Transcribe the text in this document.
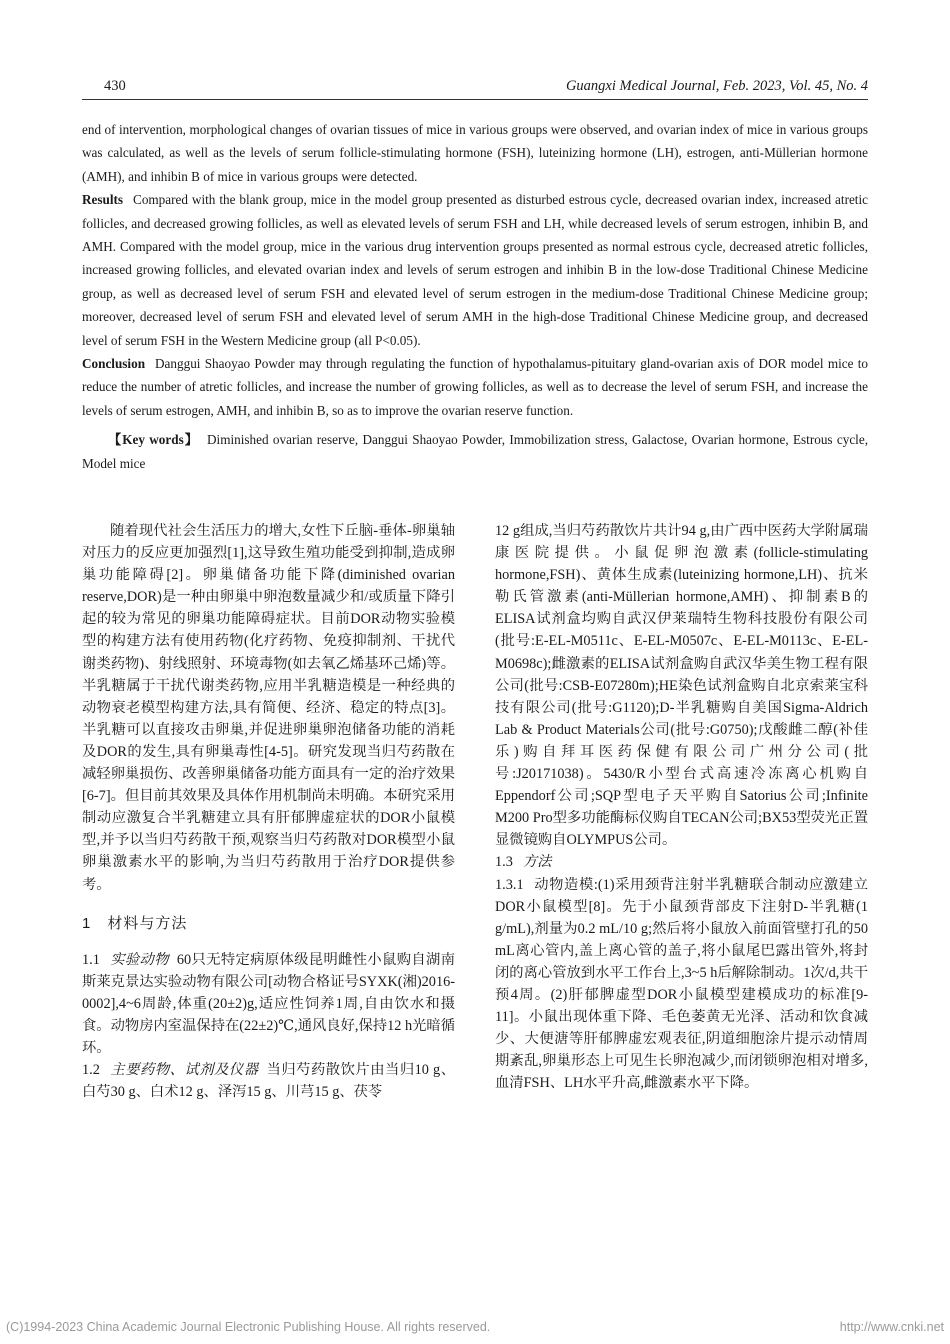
430	Guangxi Medical Journal, Feb. 2023, Vol. 45, No. 4

end of intervention, morphological changes of ovarian tissues of mice in various groups were observed, and ovarian index of mice in various groups was calculated, as well as the levels of serum follicle-stimulating hormone (FSH), luteinizing hormone (LH), estrogen, anti-Müllerian hormone (AMH), and inhibin B of mice in various groups were detected.

Results Compared with the blank group, mice in the model group presented as disturbed estrous cycle, decreased ovarian index, increased atretic follicles, and decreased growing follicles, as well as elevated levels of serum FSH and LH, while decreased levels of serum estrogen, inhibin B, and AMH. Compared with the model group, mice in the various drug intervention groups presented as normal estrous cycle, decreased atretic follicles, increased growing follicles, and elevated ovarian index and levels of serum estrogen and inhibin B in the low-dose Traditional Chinese Medicine group, as well as decreased level of serum FSH and elevated level of serum estrogen in the medium-dose Traditional Chinese Medicine group; moreover, decreased level of serum FSH and elevated level of serum AMH in the high-dose Traditional Chinese Medicine group, and decreased level of serum FSH in the Western Medicine group (all P<0.05).

Conclusion Danggui Shaoyao Powder may through regulating the function of hypothalamus-pituitary gland-ovarian axis of DOR model mice to reduce the number of atretic follicles, and increase the number of growing follicles, as well as to decrease the level of serum FSH, and increase the levels of serum estrogen, AMH, and inhibin B, so as to improve the ovarian reserve function.

【Key words】 Diminished ovarian reserve, Danggui Shaoyao Powder, Immobilization stress, Galactose, Ovarian hormone, Estrous cycle, Model mice

随着现代社会生活压力的增大,女性下丘脑-垂体-卵巢轴对压力的反应更加强烈[1],这导致生殖功能受到抑制,造成卵巢功能障碍[2]。卵巢储备功能下降(diminished ovarian reserve,DOR)是一种由卵巢中卵泡数量减少和/或质量下降引起的较为常见的卵巢功能障碍症状。目前DOR动物实验模型的构建方法有使用药物(化疗药物、免疫抑制剂、干扰代谢类药物)、射线照射、环境毒物(如去氧乙烯基环己烯)等。半乳糖属于干扰代谢类药物,应用半乳糖造模是一种经典的动物衰老模型构建方法,具有简便、经济、稳定的特点[3]。半乳糖可以直接攻击卵巢,并促进卵巢卵泡储备功能的消耗及DOR的发生,具有卵巢毒性[4-5]。研究发现当归芍药散在减轻卵巢损伤、改善卵巢储备功能方面具有一定的治疗效果[6-7]。但目前其效果及具体作用机制尚未明确。本研究采用制动应激复合半乳糖建立具有肝郁脾虚症状的DOR小鼠模型,并予以当归芍药散干预,观察当归芍药散对DOR模型小鼠卵巢激素水平的影响,为当归芍药散用于治疗DOR提供参考。

1　 材料与方法

1.1 实验动物 60只无特定病原体级昆明雌性小鼠购自湖南斯莱克景达实验动物有限公司[动物合格证号SYXK(湘)2016-0002],4~6周龄,体重(20±2)g,适应性饲养1周,自由饮水和摄食。动物房内室温保持在(22±2)℃,通风良好,保持12 h光暗循环。

1.2 主要药物、试剂及仪器 当归芍药散饮片由当归10 g、白芍30 g、白术12 g、泽泻15 g、川芎15 g、茯苓

12 g组成,当归芍药散饮片共计94 g,由广西中医药大学附属瑞康医院提供。小鼠促卵泡激素(follicle-stimulating hormone,FSH)、黄体生成素(luteinizing hormone,LH)、抗米勒氏管激素(anti-Müllerian hormone,AMH)、抑制素B的ELISA试剂盒均购自武汉伊莱瑞特生物科技股份有限公司(批号:E-EL-M0511c、E-EL-M0507c、E-EL-M0113c、E-EL-M0698c);雌激素的ELISA试剂盒购自武汉华美生物工程有限公司(批号:CSB-E07280m);HE染色试剂盒购自北京索莱宝科技有限公司(批号:G1120);D-半乳糖购自美国Sigma-Aldrich Lab & Product Materials公司(批号:G0750);戊酸雌二醇(补佳乐)购自拜耳医药保健有限公司广州分公司(批号:J20171038)。5430/R小型台式高速冷冻离心机购自Eppendorf公司;SQP型电子天平购自Satorius公司;Infinite M200 Pro型多功能酶标仪购自TECAN公司;BX53型荧光正置显微镜购自OLYMPUS公司。

1.3 方法

1.3.1 动物造模:(1)采用颈背注射半乳糖联合制动应激建立DOR小鼠模型[8]。先于小鼠颈背部皮下注射D-半乳糖(1 g/mL),剂量为0.2 mL/10 g;然后将小鼠放入前面管壁打孔的50 mL离心管内,盖上离心管的盖子,将小鼠尾巴露出管外,将封闭的离心管放到水平工作台上,3~5 h后解除制动。1次/d,共干预4周。(2)肝郁脾虚型DOR小鼠模型建模成功的标准[9-11]。小鼠出现体重下降、毛色萎黄无光泽、活动和饮食减少、大便溏等肝郁脾虚宏观表征,阴道细胞涂片提示动情周期紊乱,卵巢形态上可见生长卵泡减少,而闭锁卵泡相对增多,血清FSH、LH水平升高,雌激素水平下降。

(C)1994-2023 China Academic Journal Electronic Publishing House. All rights reserved.	http://www.cnki.net
